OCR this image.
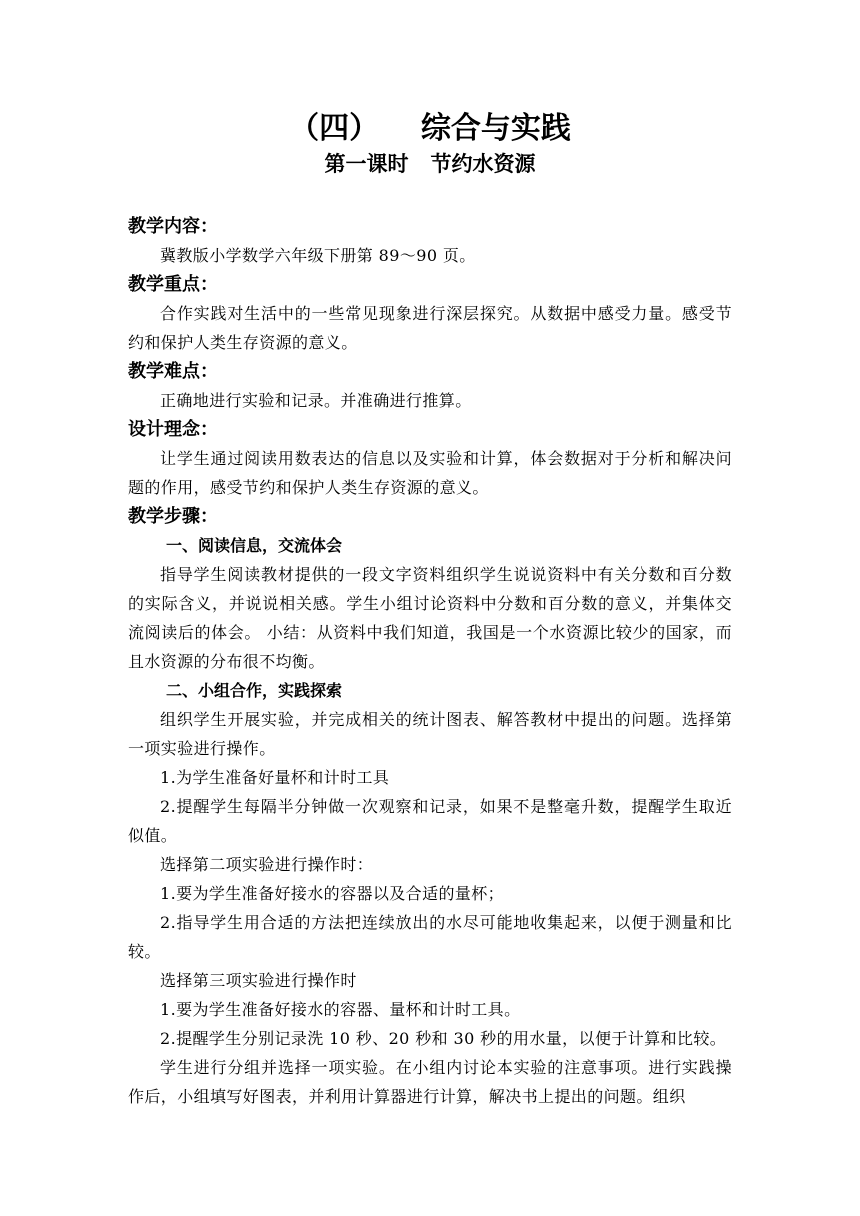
（四）    综合与实践
第一课时   节约水资源

教学内容：

冀教版小学数学六年级下册第 89～90 页。

教学重点：

合作实践对生活中的一些常见现象进行深层探究。从数据中感受力量。感受节约和保护人类生存资源的意义。

教学难点：

正确地进行实验和记录。并准确进行推算。

设计理念：

让学生通过阅读用数表达的信息以及实验和计算，体会数据对于分析和解决问题的作用，感受节约和保护人类生存资源的意义。

教学步骤：

一、阅读信息，交流体会

指导学生阅读教材提供的一段文字资料组织学生说说资料中有关分数和百分数的实际含义，并说说相关感。学生小组讨论资料中分数和百分数的意义，并集体交流阅读后的体会。 小结：从资料中我们知道，我国是一个水资源比较少的国家，而且水资源的分布很不均衡。

二、小组合作，实践探索

组织学生开展实验，并完成相关的统计图表、解答教材中提出的问题。选择第一项实验进行操作。

1.为学生准备好量杯和计时工具

2.提醒学生每隔半分钟做一次观察和记录，如果不是整毫升数，提醒学生取近似值。

选择第二项实验进行操作时：

1.要为学生准备好接水的容器以及合适的量杯；

2.指导学生用合适的方法把连续放出的水尽可能地收集起来，以便于测量和比较。

选择第三项实验进行操作时

1.要为学生准备好接水的容器、量杯和计时工具。

2.提醒学生分别记录洗 10 秒、20 秒和 30 秒的用水量，以便于计算和比较。

学生进行分组并选择一项实验。在小组内讨论本实验的注意事项。进行实践操作后，小组填写好图表，并利用计算器进行计算，解决书上提出的问题。组织
